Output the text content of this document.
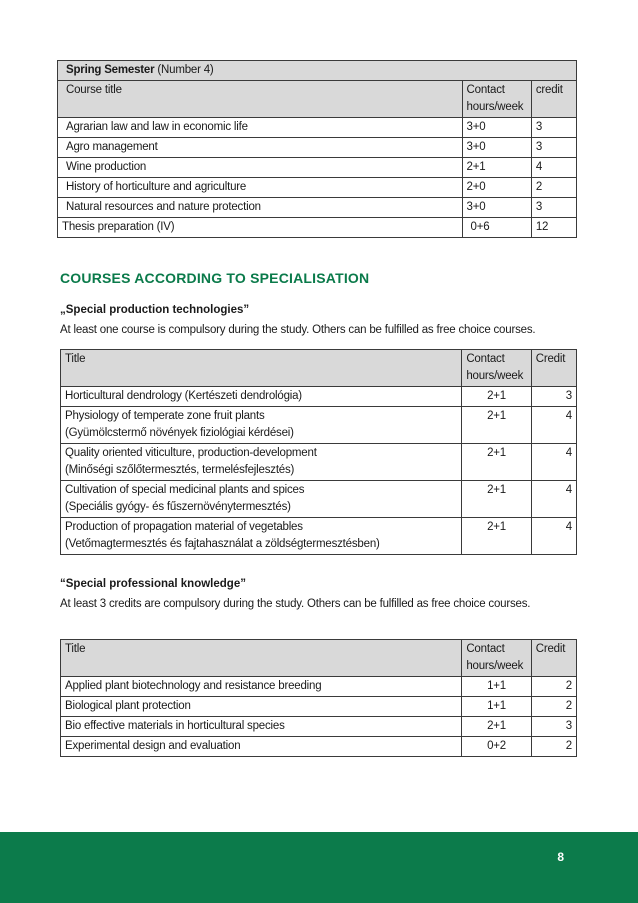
Spring Semester (Number 4)		
Course title	Contact hours/week	credit
Agrarian law and law in economic life	3+0	3
Agro management	3+0	3
Wine production	2+1	4
History of horticulture and agriculture	2+0	2
Natural resources and nature protection	3+0	3
Thesis preparation (IV)	0+6	12
COURSES ACCORDING TO SPECIALISATION
„Special production technologies”
At least one course is compulsory during the study. Others can be fulfilled as free choice courses.
Title	Contact hours/week	Credit

Horticultural dendrology (Kertészeti dendrológia)	2+1	3

Physiology of temperate zone fruit plants
(Gyümölcstermő növények fiziológiai kérdései)	2+1	4

Quality oriented viticulture, production-development
(Minőségi szőlőtermesztés, termelésfejlesztés)	2+1	4

Cultivation of special medicinal plants and spices
(Speciális gyógy- és fűszernövénytermesztés)	2+1	4

Production of propagation material of vegetables
(Vetőmagtermesztés és fajtahasználat a zöldségtermesztésben)	2+1	4
“Special professional knowledge”
At least 3 credits are compulsory during the study. Others can be fulfilled as free choice courses.
Title	Contact hours/week	Credit
Applied plant biotechnology and resistance breeding	1+1	2
Biological plant protection	1+1	2
Bio effective materials in horticultural species	2+1	3
Experimental design and evaluation	0+2	2
8
